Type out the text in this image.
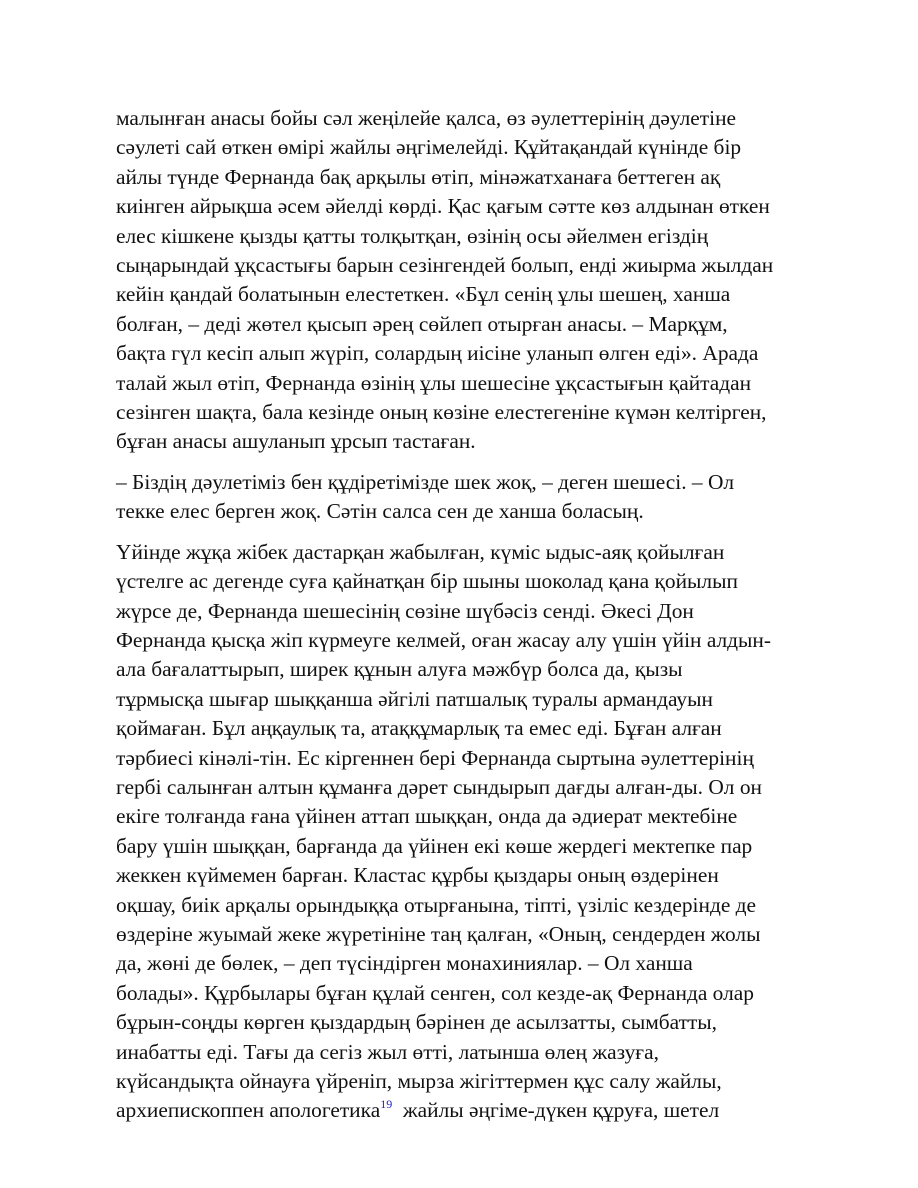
малынған анасы бойы сәл жеңілейе қалса, өз әулеттерінің дәулетіне
сәулеті сай өткен өмірі жайлы әңгімелейді. Құйтақандай күнінде бір
айлы түнде Фернанда бақ арқылы өтіп, мінәжатханаға беттеген ақ
киінген айрықша әсем әйелді көрді. Қас қағым сәтте көз алдынан өткен
елес кішкене қызды қатты толқытқан, өзінің осы әйелмен егіздің
сыңарындай ұқсастығы барын сезінгендей болып, енді жиырма жылдан
кейін қандай болатынын елестеткен. «Бұл сенің ұлы шешең, ханша
болған, – деді жөтел қысып әрең сөйлеп отырған анасы. – Марқұм,
бақта гүл кесіп алып жүріп, солардың иісіне уланып өлген еді». Арада
талай жыл өтіп, Фернанда өзінің ұлы шешесіне ұқсастығын қайтадан
сезінген шақта, бала кезінде оның көзіне елестегеніне күмән келтірген,
бұған анасы ашуланып ұрсып тастаған.
– Біздің дәулетіміз бен құдіретімізде шек жоқ, – деген шешесі. – Ол
текке елес берген жоқ. Сәтін салса сен де ханша боласың.
Үйінде жұқа жібек дастарқан жабылған, күміс ыдыс-аяқ қойылған
үстелге ас дегенде суға қайнатқан бір шыны шоколад қана қойылып
жүрсе де, Фернанда шешесінің сөзіне шүбәсіз сенді. Әкесі Дон
Фернанда қысқа жіп күрмеуге келмей, оған жасау алу үшін үйін алдын-
ала бағалаттырып, ширек құнын алуға мәжбүр болса да, қызы
тұрмысқа шығар шыққанша әйгілі патшалық туралы армандауын
қоймаған. Бұл аңқаулық та, атаққұмарлық та емес еді. Бұған алған
тәрбиесі кінәлі-тін. Ес кіргеннен бері Фернанда сыртына әулеттерінің
гербі салынған алтын құманға дәрет сындырып дағды алған-ды. Ол он
екіге толғанда ғана үйінен аттап шыққан, онда да әдиерат мектебіне
бару үшін шыққан, барғанда да үйінен екі көше жердегі мектепке пар
жеккен күймемен барған. Кластас құрбы қыздары оның өздерінен
оқшау, биік арқалы орындыққа отырғанына, тіпті, үзіліс кездерінде де
өздеріне жуымай жеке жүретініне таң қалған, «Оның, сендерден жолы
да, жөні де бөлек, – деп түсіндірген монахиниялар. – Ол ханша
болады». Құрбылары бұған құлай сенген, сол кезде-ақ Фернанда олар
бұрын-соңды көрген қыздардың бәрінен де асылзатты, сымбатты,
инабатты еді. Тағы да сегіз жыл өтті, латынша өлең жазуға,
күйсандықта ойнауға үйреніп, мырза жігіттермен құс салу жайлы,
архиепископпен апологетика$^{19}$  жайлы әңгіме-дүкен құруға, шетел
